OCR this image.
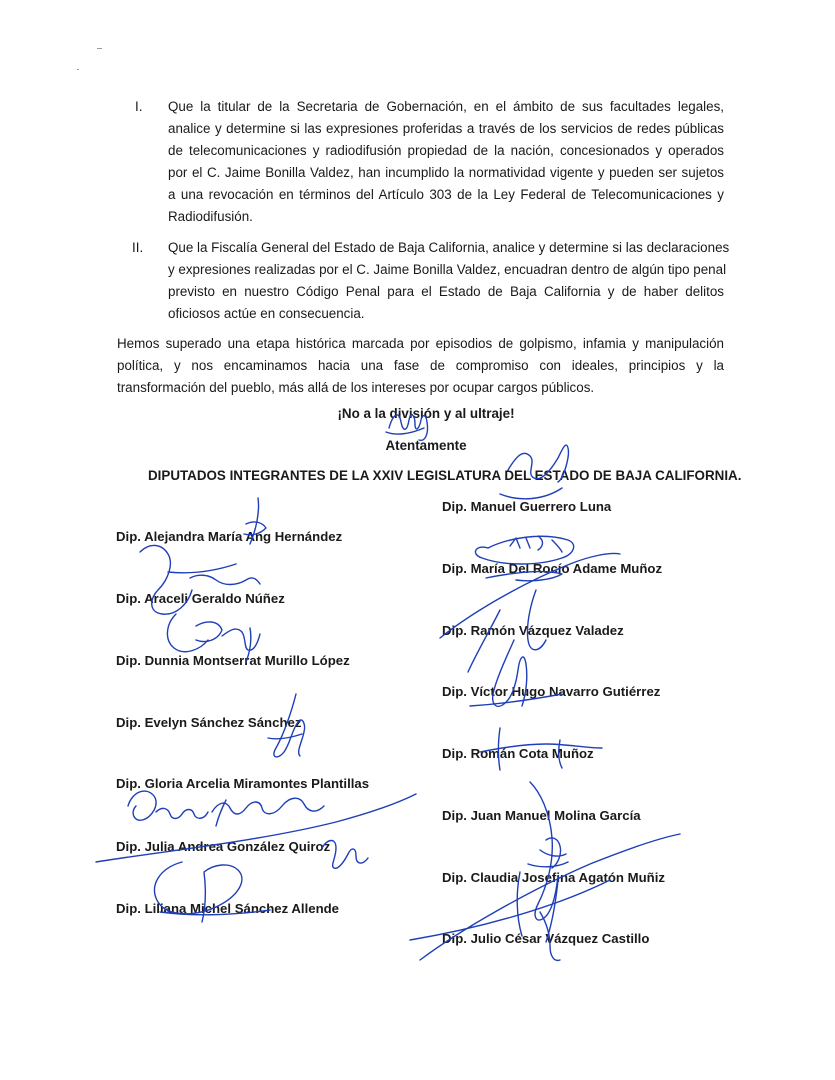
I. Que la titular de la Secretaria de Gobernación, en el ámbito de sus facultades legales,
analice y determine si las expresiones proferidas a través de los servicios de redes públicas
de telecomunicaciones y radiodifusión propiedad de la nación, concesionados y operados
por el C. Jaime Bonilla Valdez, han incumplido la normatividad vigente y pueden ser sujetos
a una revocación en términos del Artículo 303 de la Ley Federal de Telecomunicaciones y
Radiodifusión.
II. Que la Fiscalía General del Estado de Baja California, analice y determine si las declaraciones
y expresiones realizadas por el C. Jaime Bonilla Valdez, encuadran dentro de algún tipo penal
previsto en nuestro Código Penal para el Estado de Baja California y de haber delitos
oficiosos actúe en consecuencia.
Hemos superado una etapa histórica marcada por episodios de golpismo, infamia y manipulación
política, y nos encaminamos hacia una fase de compromiso con ideales, principios y la
transformación del pueblo, más allá de los intereses por ocupar cargos públicos.
¡No a la división y al ultraje!
Atentamente
DIPUTADOS INTEGRANTES DE LA XXIV LEGISLATURA DEL ESTADO DE BAJA CALIFORNIA.
Dip. Alejandra María Ang Hernández
Dip. Araceli Geraldo Núñez
Dip. Dunnia Montserrat Murillo López
Dip. Evelyn Sánchez Sánchez
Dip. Gloria Arcelia Miramontes Plantillas
Dip. Julia Andrea González Quiroz
Dip. Liliana Michel Sánchez Allende
Dip. Manuel Guerrero Luna
Dip. María Del Rocío Adame Muñoz
Dip. Ramón Vázquez Valadez
Dip. Víctor Hugo Navarro Gutiérrez
Dip. Román Cota Muñoz
Dip. Juan Manuel Molina García
Dip. Claudia Josefina Agatón Muñiz
Dip. Julio César Vázquez Castillo
